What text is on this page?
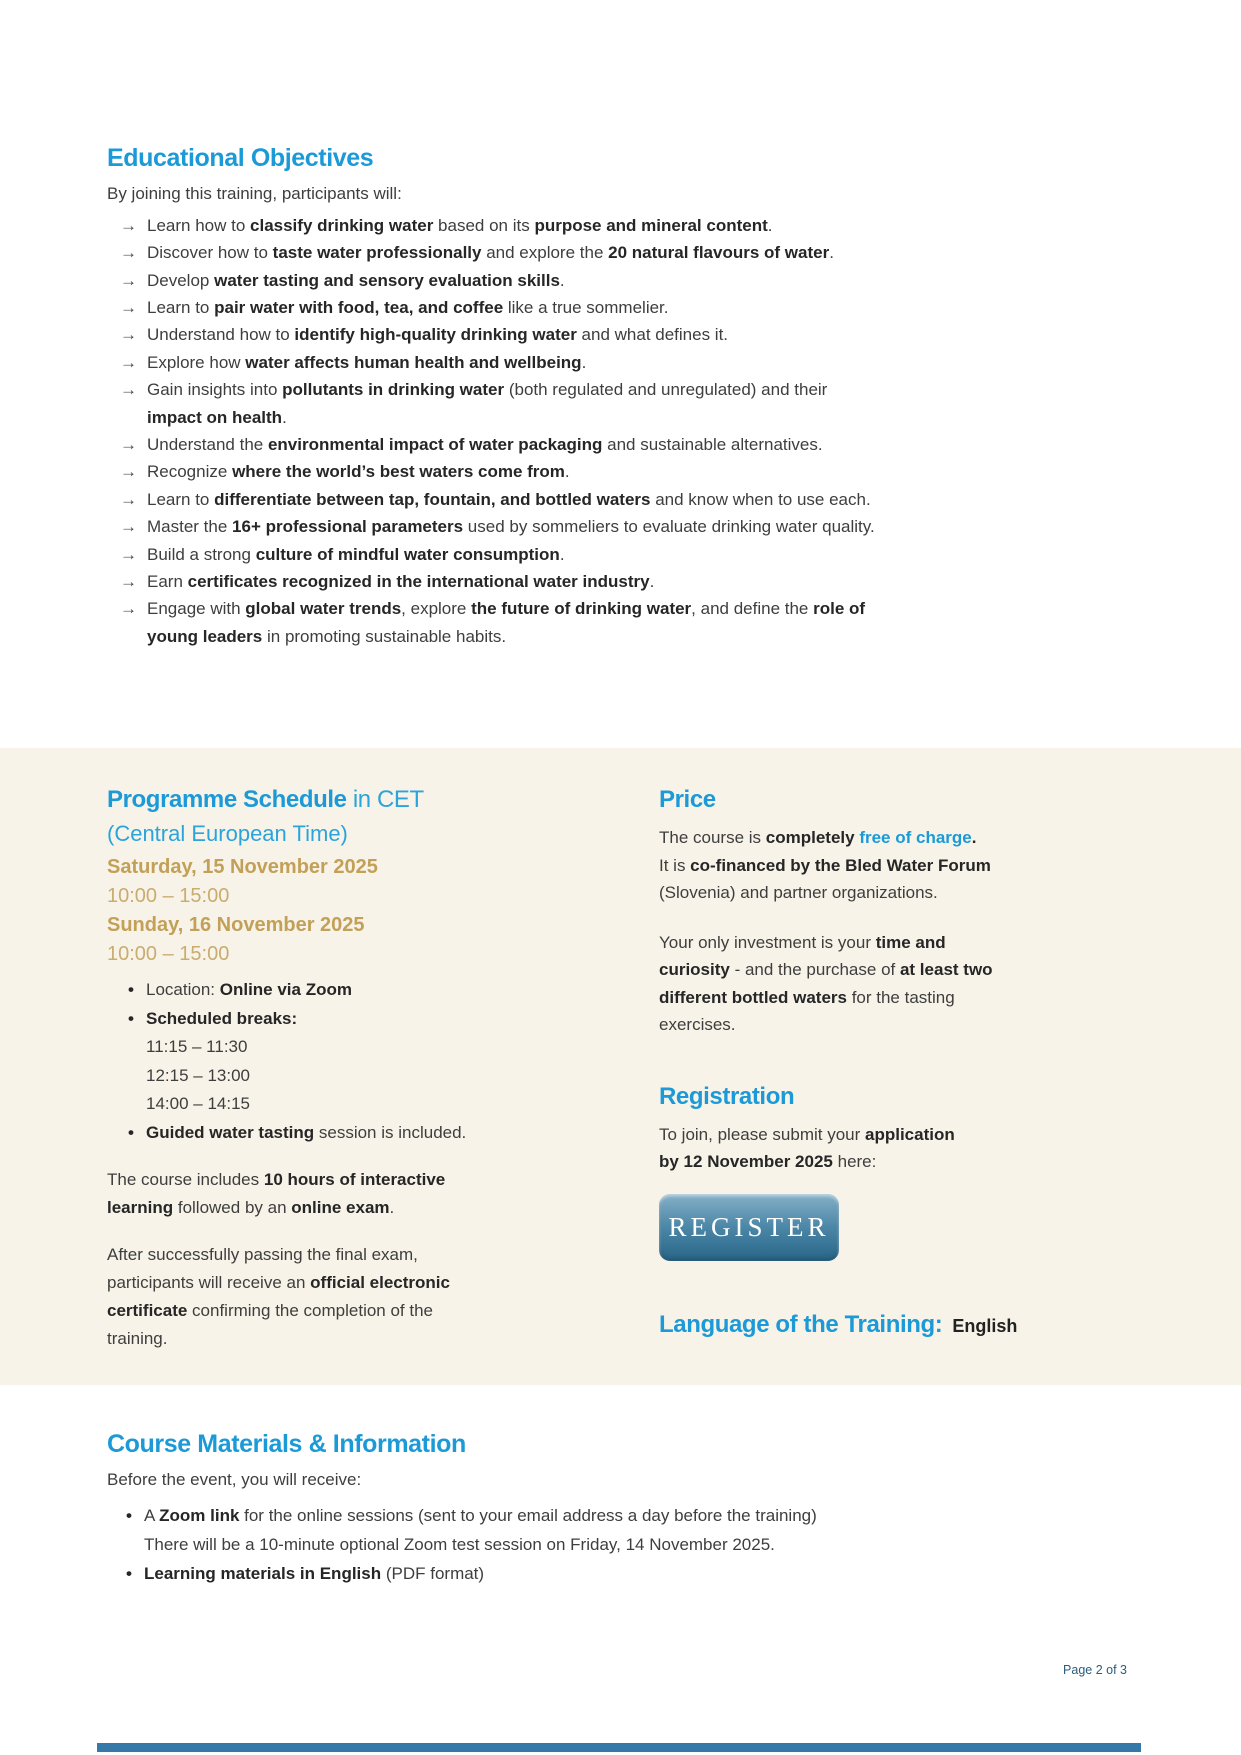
Educational Objectives

By joining this training, participants will:

→ Learn how to classify drinking water based on its purpose and mineral content.
→ Discover how to taste water professionally and explore the 20 natural flavours of water.
→ Develop water tasting and sensory evaluation skills.
→ Learn to pair water with food, tea, and coffee like a true sommelier.
→ Understand how to identify high-quality drinking water and what defines it.
→ Explore how water affects human health and wellbeing.
→ Gain insights into pollutants in drinking water (both regulated and unregulated) and their
impact on health.
→ Understand the environmental impact of water packaging and sustainable alternatives.
→ Recognize where the world’s best waters come from.
→ Learn to differentiate between tap, fountain, and bottled waters and know when to use each.
→ Master the 16+ professional parameters used by sommeliers to evaluate drinking water quality.
→ Build a strong culture of mindful water consumption.
→ Earn certificates recognized in the international water industry.
→ Engage with global water trends, explore the future of drinking water, and define the role of
young leaders in promoting sustainable habits.
Programme Schedule in CET
(Central European Time)
Saturday, 15 November 2025
10:00 – 15:00
Sunday, 16 November 2025
10:00 – 15:00
• Location: Online via Zoom
• Scheduled breaks:
11:15 – 11:30
12:15 – 13:00
14:00 – 14:15
• Guided water tasting session is included.

The course includes 10 hours of interactive
learning followed by an online exam.

After successfully passing the final exam,
participants will receive an official electronic
certificate confirming the completion of the
training.

Price

The course is completely free of charge.
It is co-financed by the Bled Water Forum
(Slovenia) and partner organizations.

Your only investment is your time and
curiosity - and the purchase of at least two
different bottled waters for the tasting
exercises.

Registration

To join, please submit your application
by 12 November 2025 here:

REGISTER
Language of the Training: English
Course Materials & Information

Before the event, you will receive:

• A Zoom link for the online sessions (sent to your email address a day before the training)
There will be a 10-minute optional Zoom test session on Friday, 14 November 2025.
• Learning materials in English (PDF format)
Page 2 of 3
